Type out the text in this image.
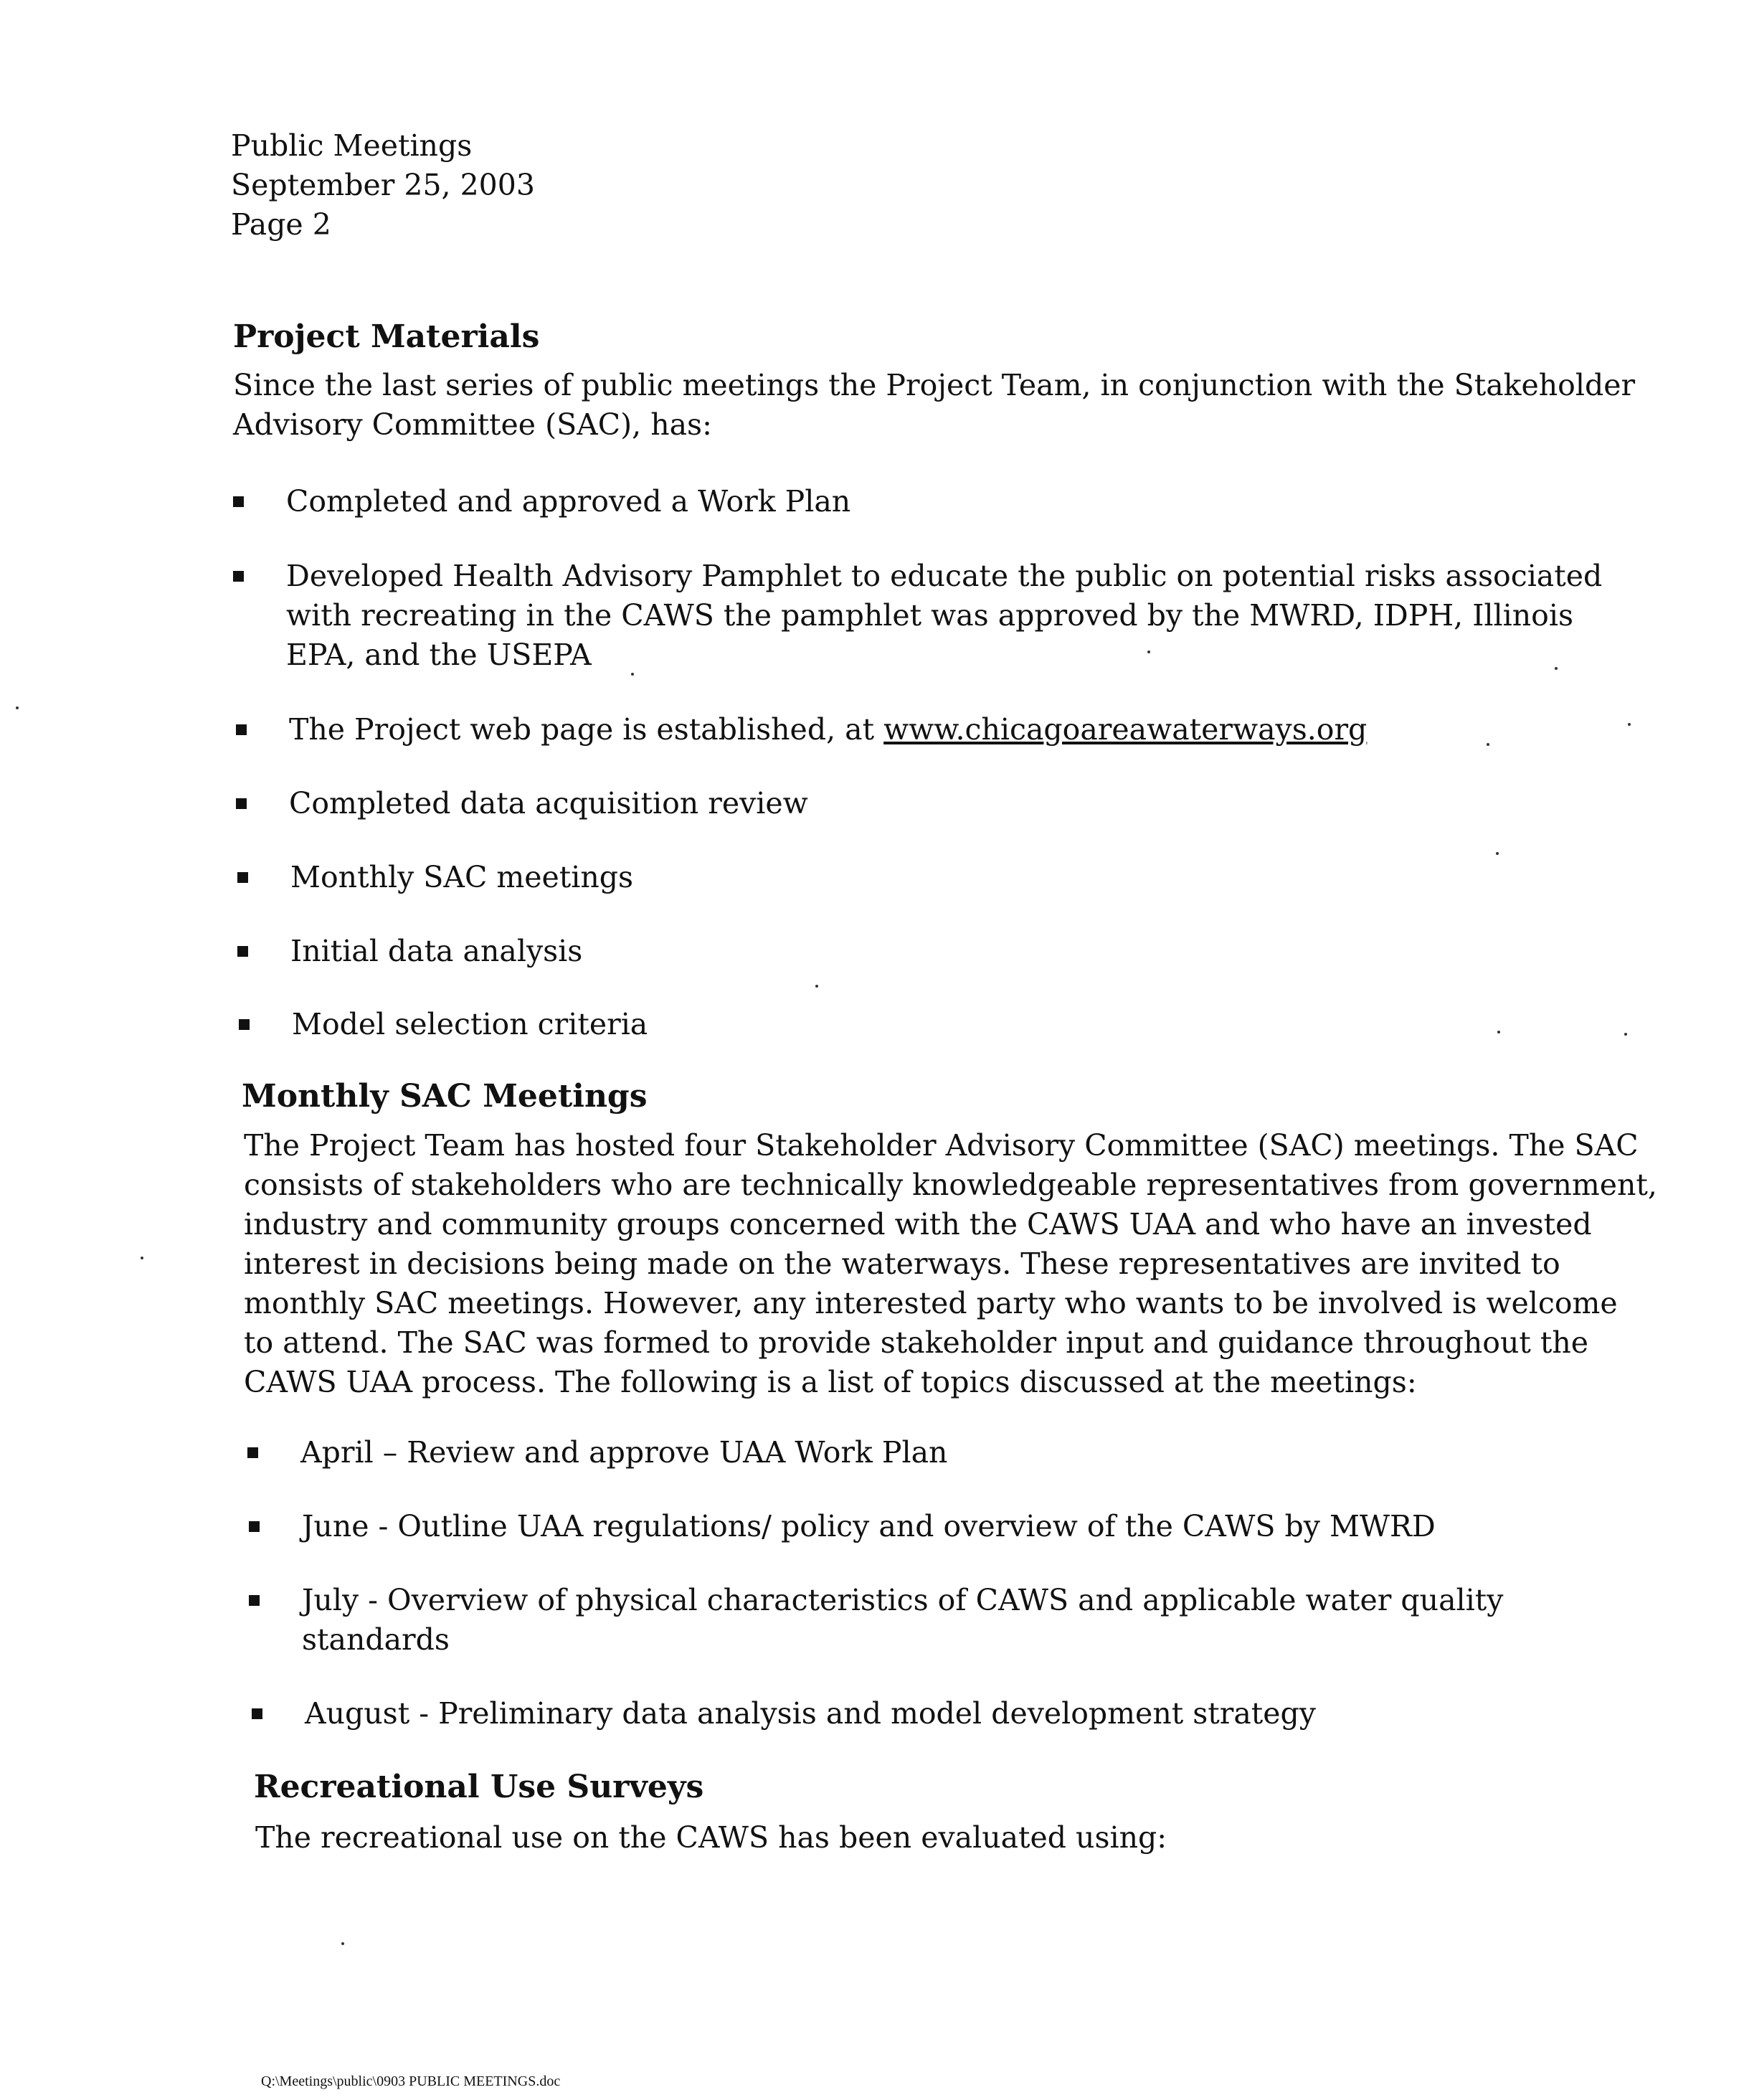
Public Meetings
September 25, 2003
Page 2
Project Materials
Since the last series of public meetings the Project Team, in conjunction with the Stakeholder
Advisory Committee (SAC), has:
Completed and approved a Work Plan
Developed Health Advisory Pamphlet to educate the public on potential risks associated
with recreating in the CAWS the pamphlet was approved by the MWRD, IDPH, Illinois
EPA, and the USEPA
The Project web page is established, at www.chicagoareawaterways.org
Completed data acquisition review
Monthly SAC meetings
Initial data analysis
Model selection criteria
Monthly SAC Meetings
The Project Team has hosted four Stakeholder Advisory Committee (SAC) meetings. The SAC
consists of stakeholders who are technically knowledgeable representatives from government,
industry and community groups concerned with the CAWS UAA and who have an invested
interest in decisions being made on the waterways. These representatives are invited to
monthly SAC meetings. However, any interested party who wants to be involved is welcome
to attend. The SAC was formed to provide stakeholder input and guidance throughout the
CAWS UAA process. The following is a list of topics discussed at the meetings:
April – Review and approve UAA Work Plan
June - Outline UAA regulations/ policy and overview of the CAWS by MWRD
July - Overview of physical characteristics of CAWS and applicable water quality
standards
August - Preliminary data analysis and model development strategy
Recreational Use Surveys
The recreational use on the CAWS has been evaluated using:
Q:\Meetings\public\0903 PUBLIC MEETINGS.doc
